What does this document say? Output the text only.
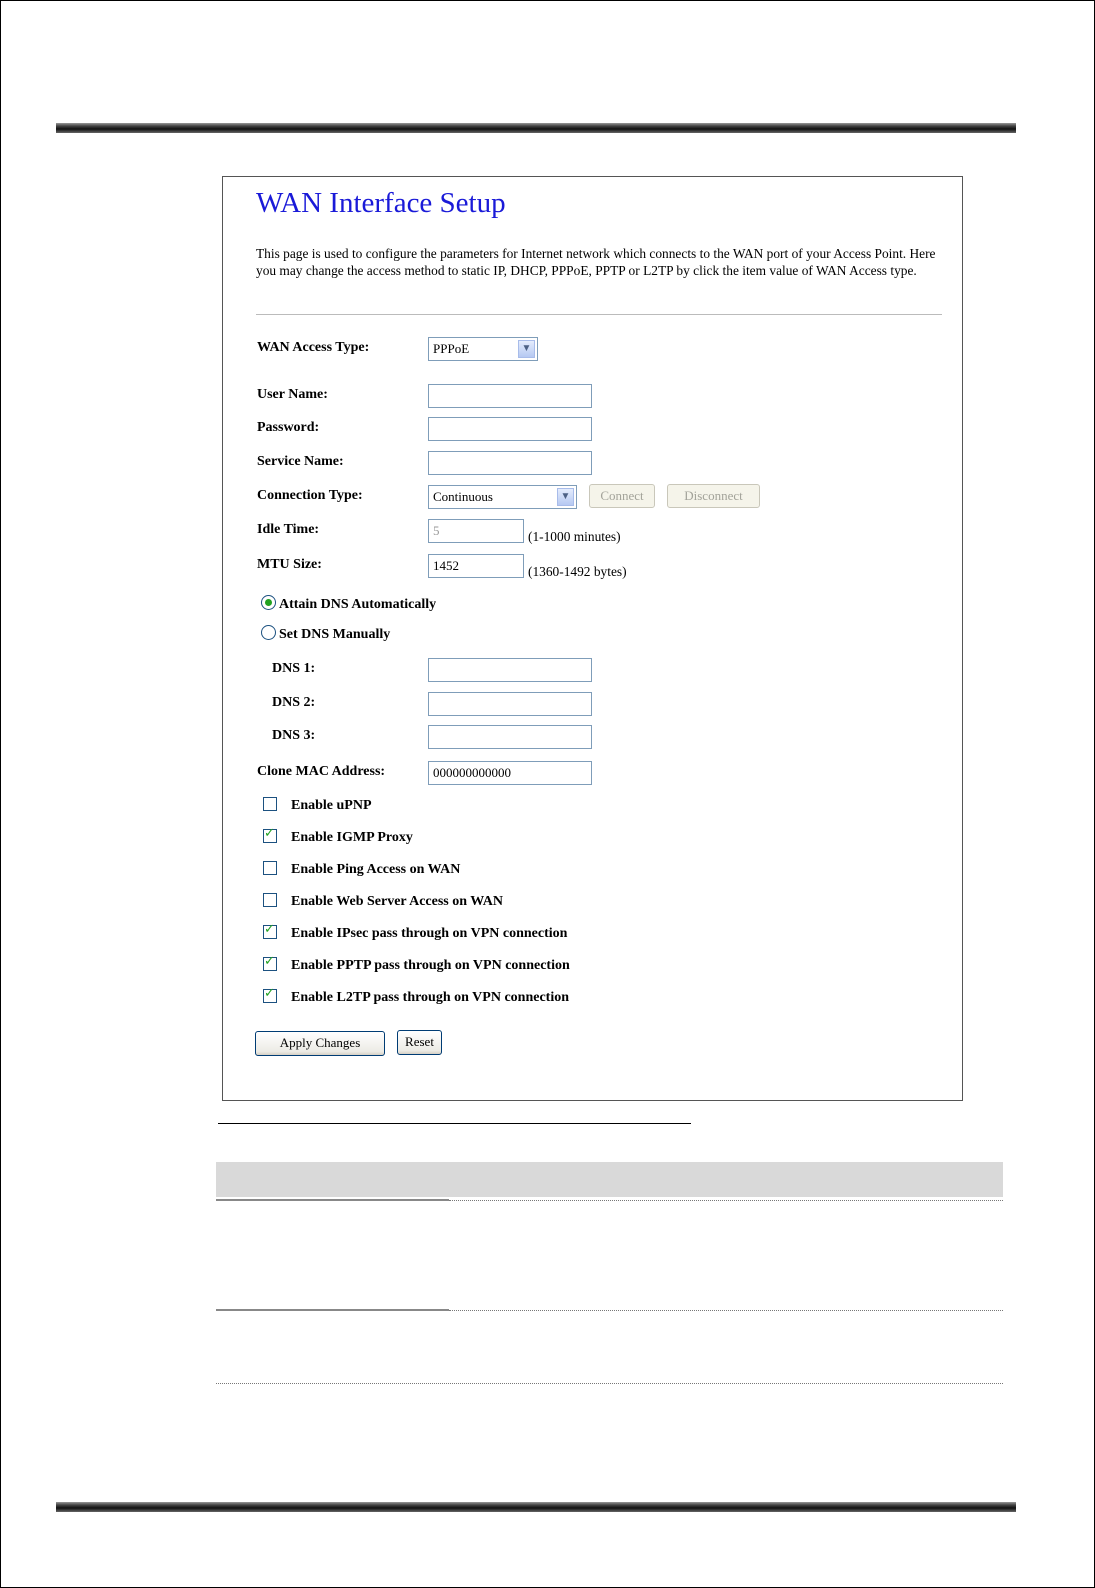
WAN Interface Setup
This page is used to configure the parameters for Internet network which connects to the WAN port of your Access Point. Here you may change the access method to static IP, DHCP, PPPoE, PPTP or L2TP by click the item value of WAN Access type.
WAN Access Type:	PPPoE	▼
User Name:
Password:
Service Name:
Connection Type:	Continuous	▼	Connect	Disconnect
Idle Time:	5	(1-1000 minutes)
MTU Size:	1452	(1360-1492 bytes)
Attain DNS Automatically
Set DNS Manually
DNS 1:
DNS 2:
DNS 3:
Clone MAC Address:	000000000000
Enable uPNP
✓Enable IGMP Proxy
Enable Ping Access on WAN
Enable Web Server Access on WAN
✓Enable IPsec pass through on VPN connection
✓Enable PPTP pass through on VPN connection
✓Enable L2TP pass through on VPN connection
Apply Changes	Reset
